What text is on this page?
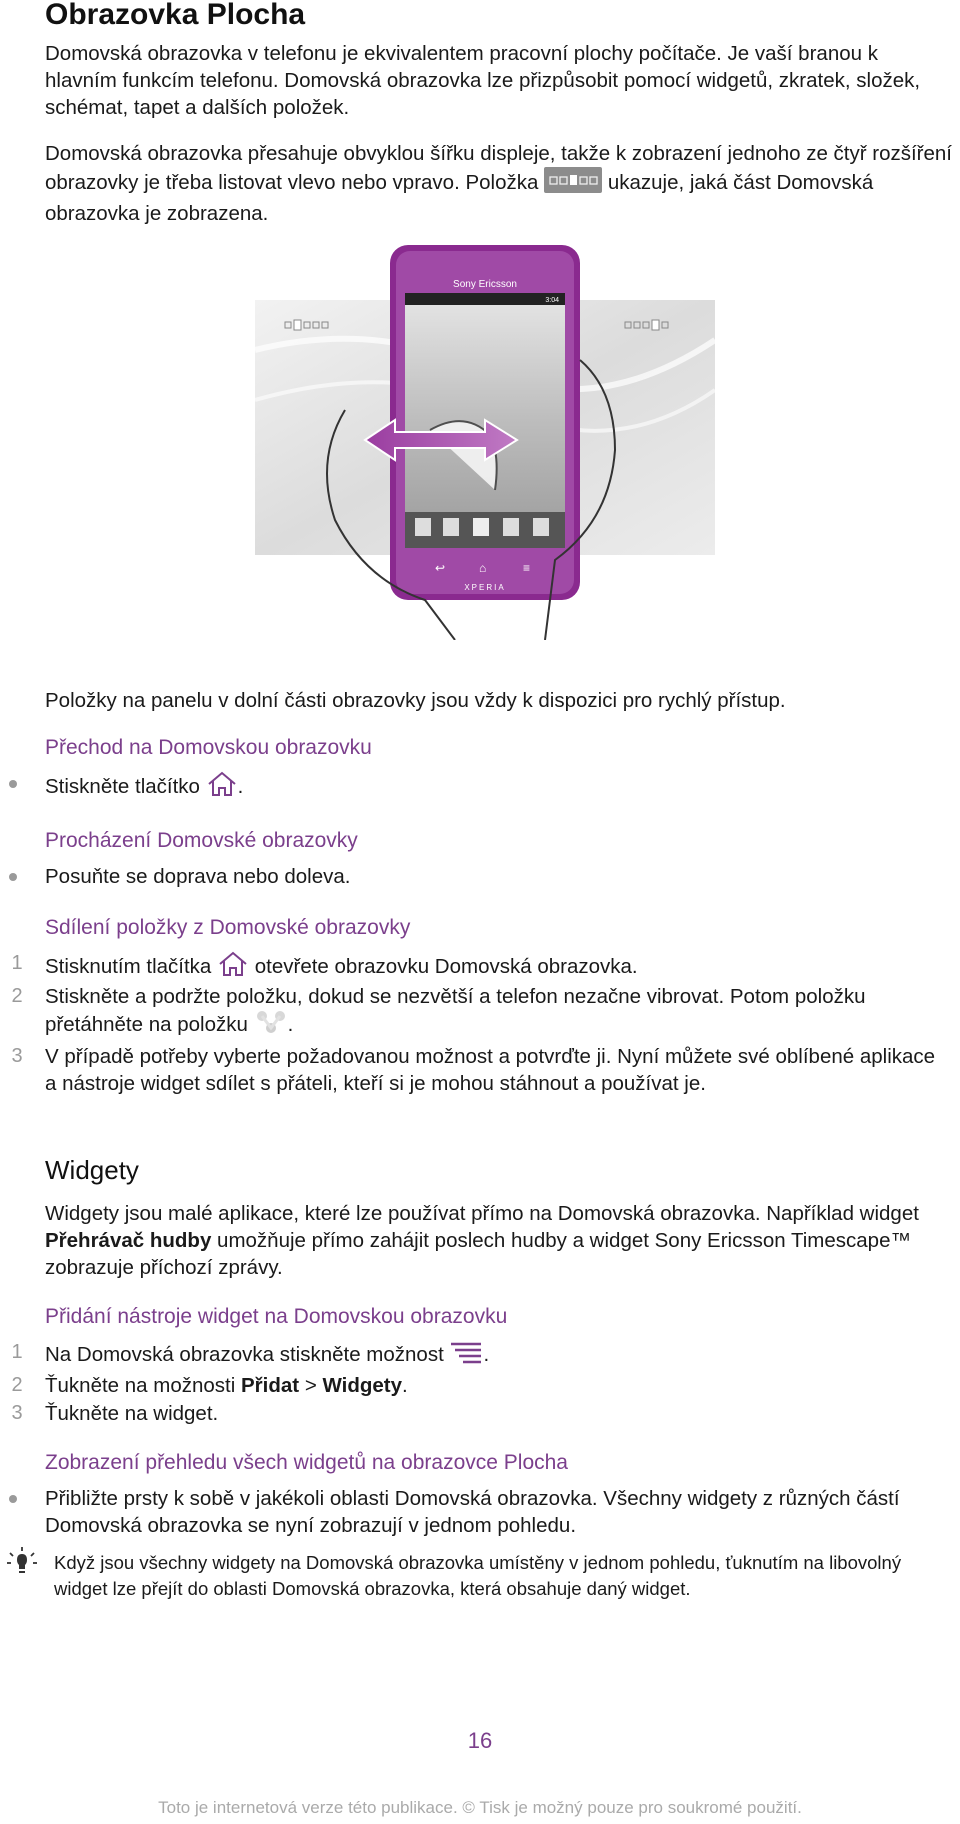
Obrazovka Plocha

Domovská obrazovka v telefonu je ekvivalentem pracovní plochy počítače. Je vaší branou k hlavním funkcím telefonu. Domovská obrazovka lze přizpůsobit pomocí widgetů, zkratek, složek, schémat, tapet a dalších položek.

Domovská obrazovka přesahuje obvyklou šířku displeje, takže k zobrazení jednoho ze čtyř rozšíření obrazovky je třeba listovat vlevo nebo vpravo. Položka	ukazuje, jaká část Domovská obrazovka je zobrazena.

Sony Ericsson
3:04
↩	⌂	≡
XPERIA

Položky na panelu v dolní části obrazovky jsou vždy k dispozici pro rychlý přístup.

Přechod na Domovskou obrazovku
Stiskněte tlačítko .
Procházení Domovské obrazovky
Posuňte se doprava nebo doleva.
Sdílení položky z Domovské obrazovky
1 Stisknutím tlačítka otevřete obrazovku Domovská obrazovka.
2 Stiskněte a podržte položku, dokud se nezvětší a telefon nezačne vibrovat. Potom položku přetáhněte na položku .
3 V případě potřeby vyberte požadovanou možnost a potvrďte ji. Nyní můžete své oblíbené aplikace a nástroje widget sdílet s přáteli, kteří si je mohou stáhnout a používat je.
Widgety

Widgety jsou malé aplikace, které lze používat přímo na Domovská obrazovka. Například widget Přehrávač hudby umožňuje přímo zahájit poslech hudby a widget Sony Ericsson Timescape™ zobrazuje příchozí zprávy.

Přidání nástroje widget na Domovskou obrazovku
1 Na Domovská obrazovka stiskněte možnost .
2 Ťukněte na možnosti Přidat > Widgety.
3 Ťukněte na widget.
Zobrazení přehledu všech widgetů na obrazovce Plocha
Přibližte prsty k sobě v jakékoli oblasti Domovská obrazovka. Všechny widgety z různých částí Domovská obrazovka se nyní zobrazují v jednom pohledu.

Když jsou všechny widgety na Domovská obrazovka umístěny v jednom pohledu, ťuknutím na libovolný widget lze přejít do oblasti Domovská obrazovka, která obsahuje daný widget.

16
Toto je internetová verze této publikace. © Tisk je možný pouze pro soukromé použití.
